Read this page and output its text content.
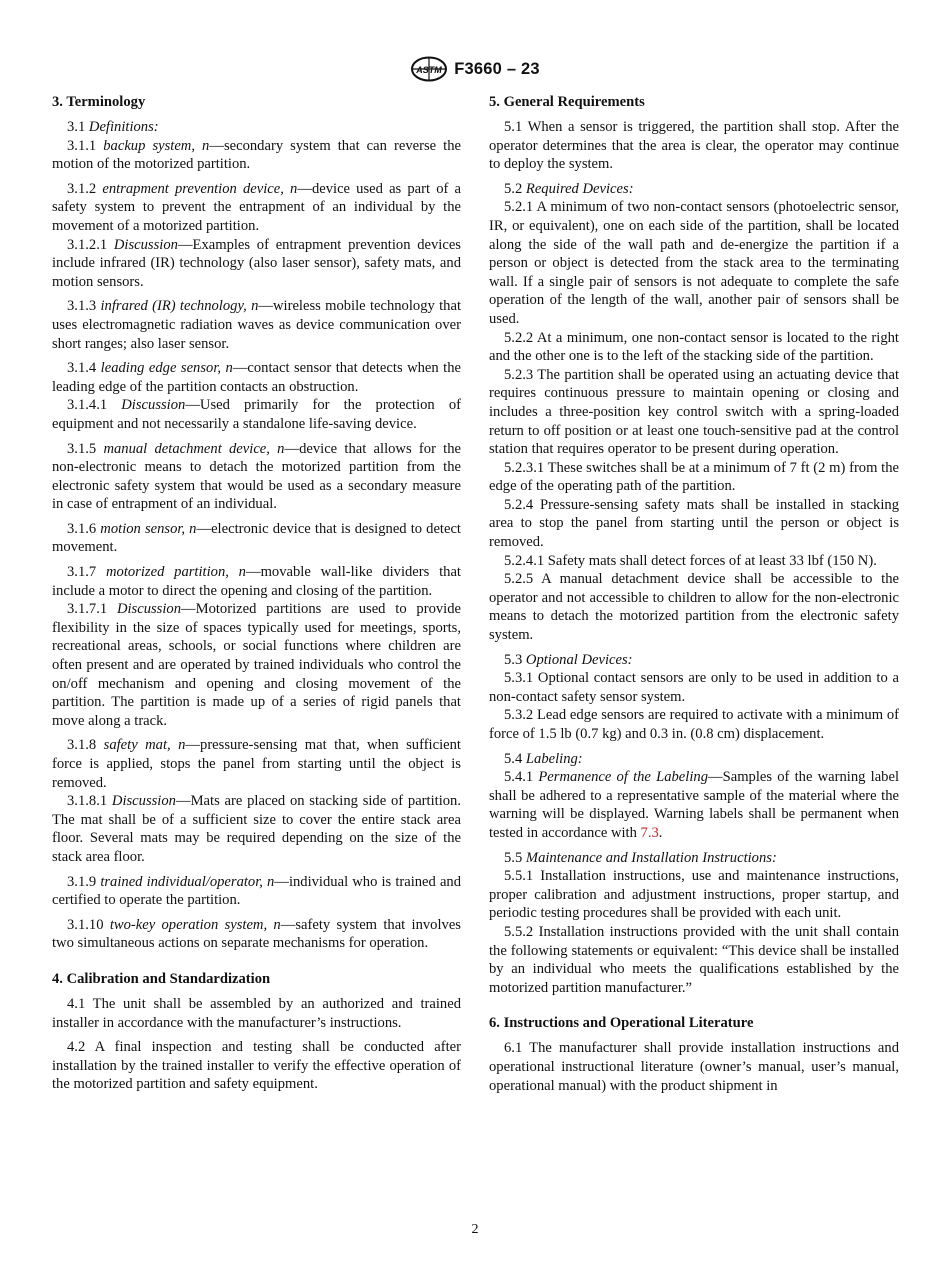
ASTM F3660 – 23
3. Terminology

3.1 Definitions:

3.1.1 backup system, n—secondary system that can reverse the motion of the motorized partition.

3.1.2 entrapment prevention device, n—device used as part of a safety system to prevent the entrapment of an individual by the movement of a motorized partition.

3.1.2.1 Discussion—Examples of entrapment prevention devices include infrared (IR) technology (also laser sensor), safety mats, and motion sensors.

3.1.3 infrared (IR) technology, n—wireless mobile technology that uses electromagnetic radiation waves as device communication over short ranges; also laser sensor.

3.1.4 leading edge sensor, n—contact sensor that detects when the leading edge of the partition contacts an obstruction.

3.1.4.1 Discussion—Used primarily for the protection of equipment and not necessarily a standalone life-saving device.

3.1.5 manual detachment device, n—device that allows for the non-electronic means to detach the motorized partition from the electronic safety system that would be used as a secondary measure in case of entrapment of an individual.

3.1.6 motion sensor, n—electronic device that is designed to detect movement.

3.1.7 motorized partition, n—movable wall-like dividers that include a motor to direct the opening and closing of the partition.

3.1.7.1 Discussion—Motorized partitions are used to provide flexibility in the size of spaces typically used for meetings, sports, recreational areas, schools, or social functions where children are often present and are operated by trained individuals who control the on/off mechanism and opening and closing movement of the partition. The partition is made up of a series of rigid panels that move along a track.

3.1.8 safety mat, n—pressure-sensing mat that, when sufficient force is applied, stops the panel from starting until the object is removed.

3.1.8.1 Discussion—Mats are placed on stacking side of partition. The mat shall be of a sufficient size to cover the entire stack area floor. Several mats may be required depending on the size of the stack area floor.

3.1.9 trained individual/operator, n—individual who is trained and certified to operate the partition.

3.1.10 two-key operation system, n—safety system that involves two simultaneous actions on separate mechanisms for operation.

4. Calibration and Standardization

4.1 The unit shall be assembled by an authorized and trained installer in accordance with the manufacturer’s instructions.

4.2 A final inspection and testing shall be conducted after installation by the trained installer to verify the effective operation of the motorized partition and safety equipment.

5. General Requirements

5.1 When a sensor is triggered, the partition shall stop. After the operator determines that the area is clear, the operator may continue to deploy the system.

5.2 Required Devices:

5.2.1 A minimum of two non-contact sensors (photoelectric sensor, IR, or equivalent), one on each side of the partition, shall be located along the side of the wall path and de-energize the partition if a person or object is detected from the stack area to the terminating wall. If a single pair of sensors is not adequate to complete the safe operation of the length of the wall, another pair of sensors shall be used.

5.2.2 At a minimum, one non-contact sensor is located to the right and the other one is to the left of the stacking side of the partition.

5.2.3 The partition shall be operated using an actuating device that requires continuous pressure to maintain opening or closing and includes a three-position key control switch with a spring-loaded return to off position or at least one touch-sensitive pad at the control station that requires operator to be present during operation.

5.2.3.1 These switches shall be at a minimum of 7 ft (2 m) from the edge of the operating path of the partition.

5.2.4 Pressure-sensing safety mats shall be installed in stacking area to stop the panel from starting until the person or object is removed.

5.2.4.1 Safety mats shall detect forces of at least 33 lbf (150 N).

5.2.5 A manual detachment device shall be accessible to the operator and not accessible to children to allow for the non-electronic means to detach the motorized partition from the electronic safety system.

5.3 Optional Devices:

5.3.1 Optional contact sensors are only to be used in addition to a non-contact safety sensor system.

5.3.2 Lead edge sensors are required to activate with a minimum of force of 1.5 lb (0.7 kg) and 0.3 in. (0.8 cm) displacement.

5.4 Labeling:

5.4.1 Permanence of the Labeling—Samples of the warning label shall be adhered to a representative sample of the material where the warning will be displayed. Warning labels shall be permanent when tested in accordance with 7.3.

5.5 Maintenance and Installation Instructions:

5.5.1 Installation instructions, use and maintenance instructions, proper calibration and adjustment instructions, proper startup, and periodic testing procedures shall be provided with each unit.

5.5.2 Installation instructions provided with the unit shall contain the following statements or equivalent: “This device shall be installed by an individual who meets the qualifications established by the motorized partition manufacturer.”

6. Instructions and Operational Literature

6.1 The manufacturer shall provide installation instructions and operational instructional literature (owner’s manual, user’s manual, operational manual) with the product shipment in

2
